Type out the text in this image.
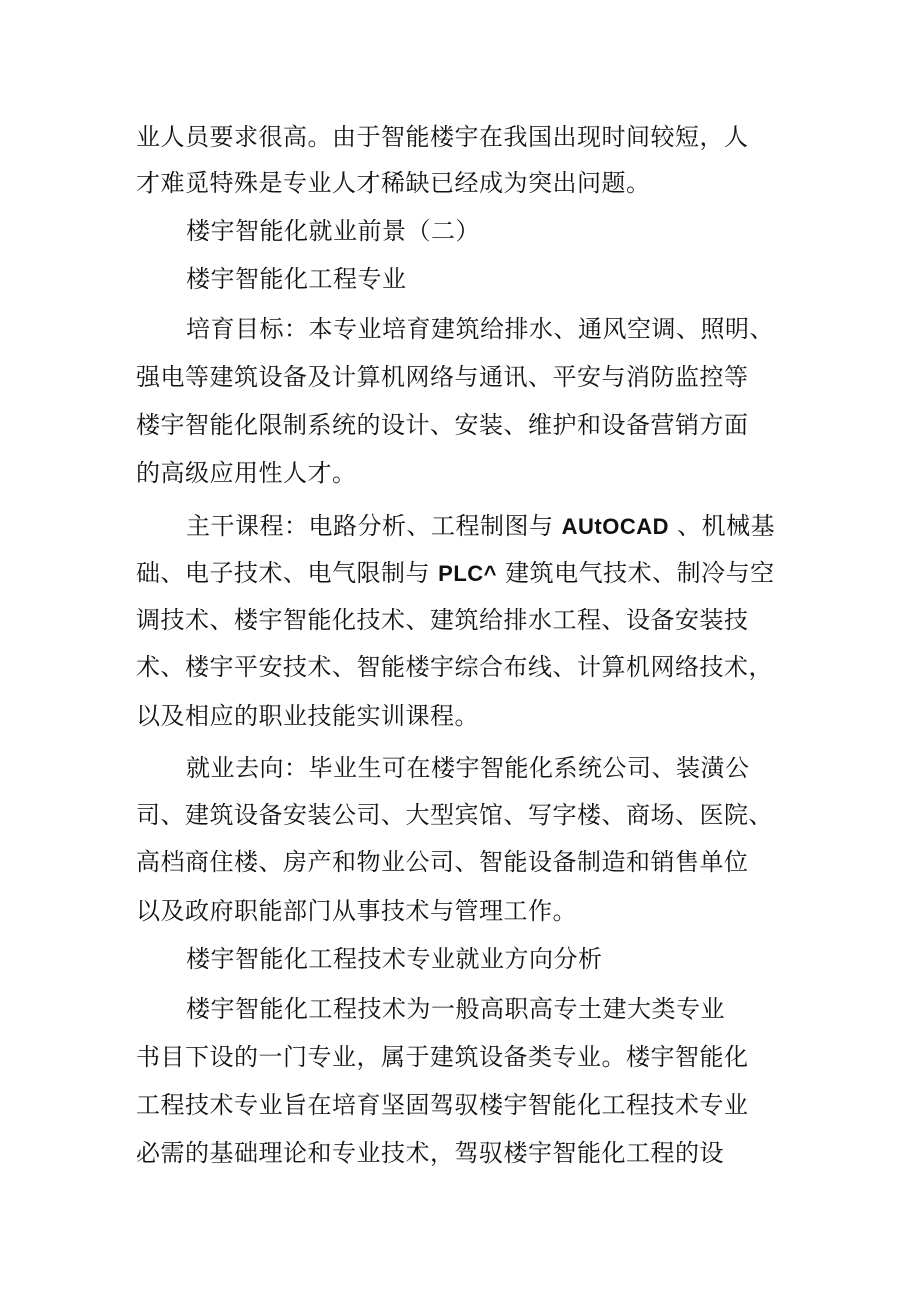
业人员要求很高。由于智能楼宇在我国出现时间较短，人
才难觅特殊是专业人才稀缺已经成为突出问题。
楼宇智能化就业前景（二）
楼宇智能化工程专业
培育目标：本专业培育建筑给排水、通风空调、照明、
强电等建筑设备及计算机网络与通讯、平安与消防监控等
楼宇智能化限制系统的设计、安装、维护和设备营销方面
的高级应用性人才。
主干课程：电路分析、工程制图与 AUtOCAD 、机械基
础、电子技术、电气限制与 PLC^ 建筑电气技术、制冷与空
调技术、楼宇智能化技术、建筑给排水工程、设备安装技
术、楼宇平安技术、智能楼宇综合布线、计算机网络技术，
以及相应的职业技能实训课程。
就业去向：毕业生可在楼宇智能化系统公司、装潢公
司、建筑设备安装公司、大型宾馆、写字楼、商场、医院、
高档商住楼、房产和物业公司、智能设备制造和销售单位
以及政府职能部门从事技术与管理工作。
楼宇智能化工程技术专业就业方向分析
楼宇智能化工程技术为一般高职高专土建大类专业
书目下设的一门专业，属于建筑设备类专业。楼宇智能化
工程技术专业旨在培育坚固驾驭楼宇智能化工程技术专业
必需的基础理论和专业技术，驾驭楼宇智能化工程的设
